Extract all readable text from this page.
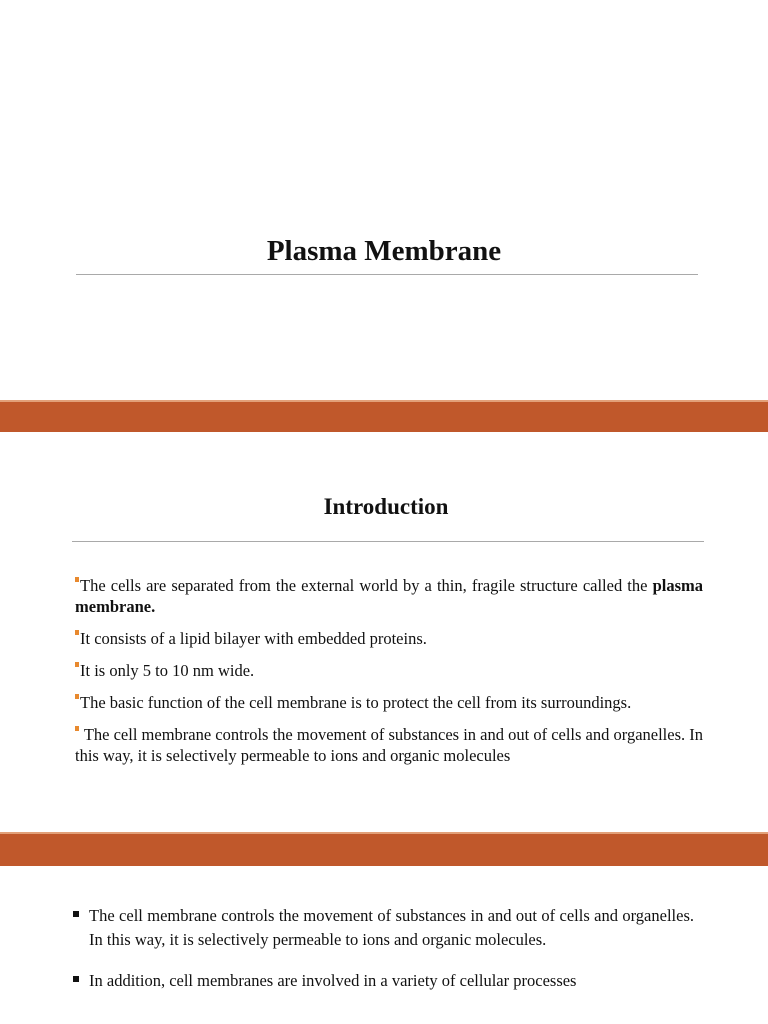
Plasma Membrane
Introduction
The cells are separated from the external world by a thin, fragile structure called the plasma membrane.
It consists of a lipid bilayer with embedded proteins.
It is only 5 to 10 nm wide.
The basic function of the cell membrane is to protect the cell from its surroundings.
The cell membrane controls the movement of substances in and out of cells and organelles. In this way, it is selectively permeable to ions and organic molecules
The cell membrane controls the movement of substances in and out of cells and organelles. In this way, it is selectively permeable to ions and organic molecules.
In addition, cell membranes are involved in a variety of cellular processes
